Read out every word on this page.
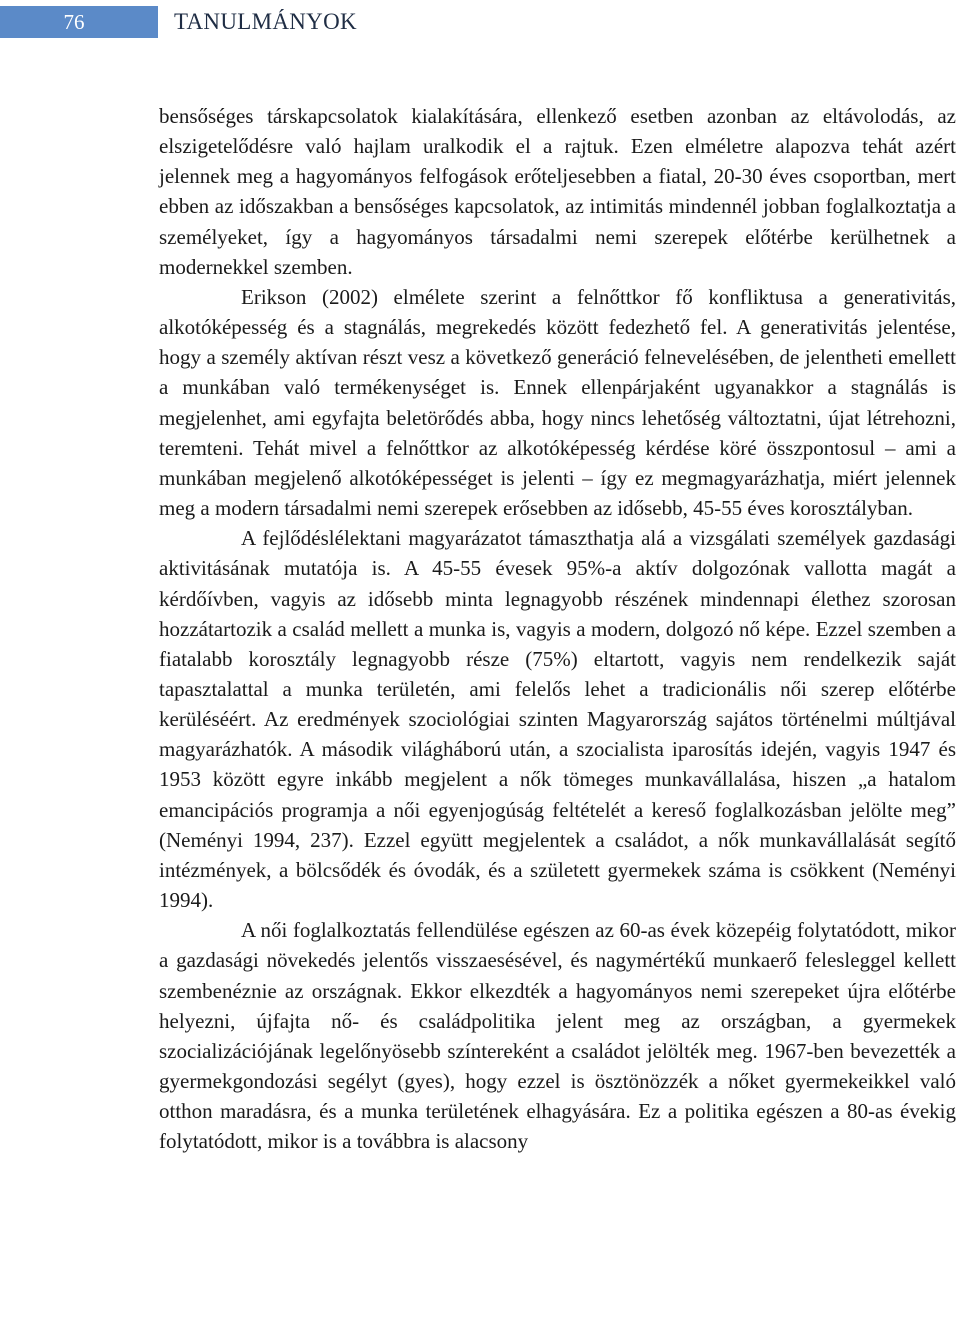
76	TANULMÁNYOK

bensőséges társkapcsolatok kialakítására, ellenkező esetben azonban az eltávolodás, az elszigetelődésre való hajlam uralkodik el a rajtuk. Ezen elméletre alapozva tehát azért jelennek meg a hagyományos felfogások erőteljesebben a fiatal, 20-30 éves csoportban, mert ebben az időszakban a bensőséges kapcsolatok, az intimitás mindennél jobban foglalkoztatja a személyeket, így a hagyományos társadalmi nemi szerepek előtérbe kerülhetnek a modernekkel szemben.

Erikson (2002) elmélete szerint a felnőttkor fő konfliktusa a generativitás, alkotóképesség és a stagnálás, megrekedés között fedezhető fel. A generativitás jelentése, hogy a személy aktívan részt vesz a következő generáció felnevelésében, de jelentheti emellett a munkában való termékenységet is. Ennek ellenpárjaként ugyanakkor a stagnálás is megjelenhet, ami egyfajta beletörődés abba, hogy nincs lehetőség változtatni, újat létrehozni, teremteni. Tehát mivel a felnőttkor az alkotóképesség kérdése köré összpontosul – ami a munkában megjelenő alkotóképességet is jelenti – így ez megmagyarázhatja, miért jelennek meg a modern társadalmi nemi szerepek erősebben az idősebb, 45-55 éves korosztályban.

A fejlődéslélektani magyarázatot támaszthatja alá a vizsgálati személyek gazdasági aktivitásának mutatója is. A 45-55 évesek 95%-a aktív dolgozónak vallotta magát a kérdőívben, vagyis az idősebb minta legnagyobb részének mindennapi élethez szorosan hozzátartozik a család mellett a munka is, vagyis a modern, dolgozó nő képe. Ezzel szemben a fiatalabb korosztály legnagyobb része (75%) eltartott, vagyis nem rendelkezik saját tapasztalattal a munka területén, ami felelős lehet a tradicionális női szerep előtérbe kerüléséért. Az eredmények szociológiai szinten Magyarország sajátos történelmi múltjával magyarázhatók. A második világháború után, a szocialista iparosítás idején, vagyis 1947 és 1953 között egyre inkább megjelent a nők tömeges munkavállalása, hiszen „a hatalom emancipációs programja a női egyenjogúság feltételét a kereső foglalkozásban jelölte meg” (Neményi 1994, 237). Ezzel együtt megjelentek a családot, a nők munkavállalását segítő intézmények, a bölcsődék és óvodák, és a született gyermekek száma is csökkent (Neményi 1994).

A női foglalkoztatás fellendülése egészen az 60-as évek közepéig folytatódott, mikor a gazdasági növekedés jelentős visszaesésével, és nagymértékű munkaerő felesleggel kellett szembenéznie az országnak. Ekkor elkezdték a hagyományos nemi szerepeket újra előtérbe helyezni, újfajta nő- és családpolitika jelent meg az országban, a gyermekek szocializációjának legelőnyösebb színtereként a családot jelölték meg. 1967-ben bevezették a gyermekgondozási segélyt (gyes), hogy ezzel is ösztönözzék a nőket gyermekeikkel való otthon maradásra, és a munka területének elhagyására. Ez a politika egészen a 80-as évekig folytatódott, mikor is a továbbra is alacsony
